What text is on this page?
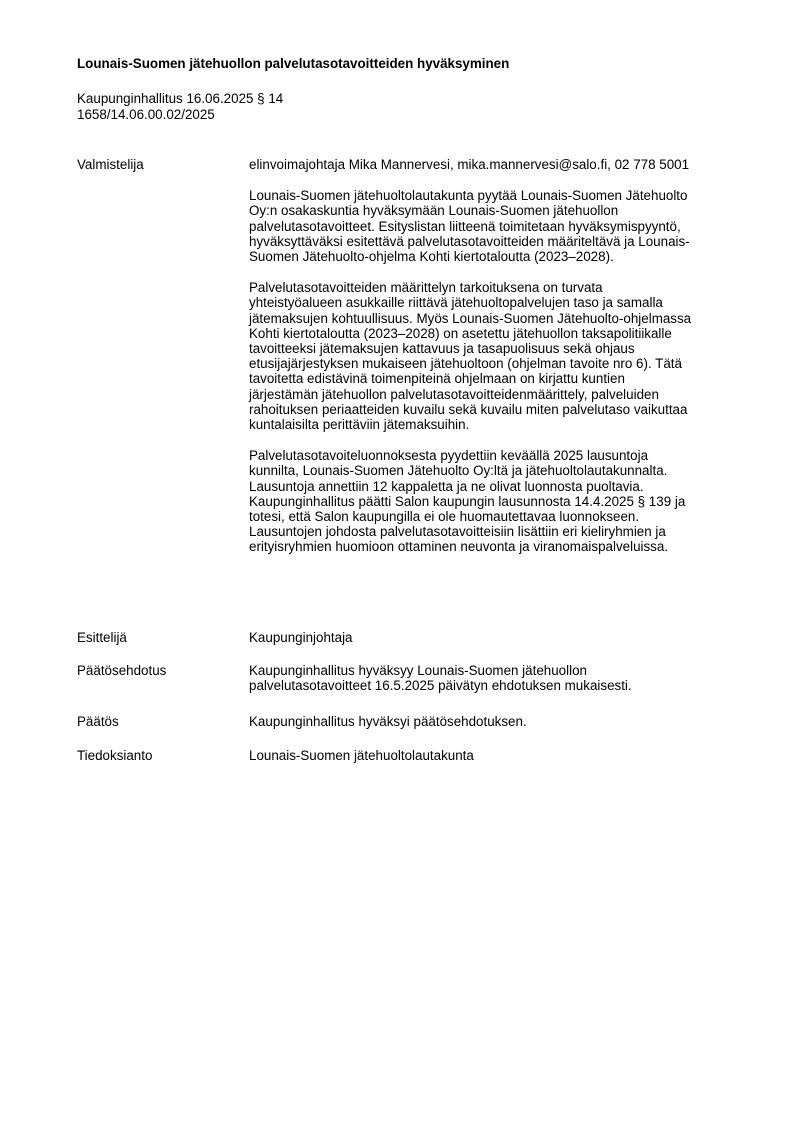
Lounais-Suomen jätehuollon palvelutasotavoitteiden hyväksyminen
Kaupunginhallitus 16.06.2025 § 14
1658/14.06.00.02/2025
Valmistelija	elinvoimajohtaja Mika Mannervesi, mika.mannervesi@salo.fi, 02 778 5001
Lounais-Suomen jätehuoltolautakunta pyytää Lounais-Suomen Jätehuolto
Oy:n osakaskuntia hyväksymään Lounais-Suomen jätehuollon
palvelutasotavoitteet. Esityslistan liitteenä toimitetaan hyväksymispyyntö,
hyväksyttäväksi esitettävä palvelutasotavoitteiden määriteltävä ja Lounais-
Suomen Jätehuolto-ohjelma Kohti kiertotaloutta (2023–2028).
Palvelutasotavoitteiden määrittelyn tarkoituksena on turvata
yhteistyöalueen asukkaille riittävä jätehuoltopalvelujen taso ja samalla
jätemaksujen kohtuullisuus. Myös Lounais-Suomen Jätehuolto-ohjelmassa
Kohti kiertotaloutta (2023–2028) on asetettu jätehuollon taksapolitiikalle
tavoitteeksi jätemaksujen kattavuus ja tasapuolisuus sekä ohjaus
etusijajärjestyksen mukaiseen jätehuoltoon (ohjelman tavoite nro 6). Tätä
tavoitetta edistävinä toimenpiteinä ohjelmaan on kirjattu kuntien
järjestämän jätehuollon palvelutasotavoitteidenmäärittely, palveluiden
rahoituksen periaatteiden kuvailu sekä kuvailu miten palvelutaso vaikuttaa
kuntalaisilta perittäviin jätemaksuihin.
Palvelutasotavoiteluonnoksesta pyydettiin keväällä 2025 lausuntoja
kunnilta, Lounais-Suomen Jätehuolto Oy:ltä ja jätehuoltolautakunnalta.
Lausuntoja annettiin 12 kappaletta ja ne olivat luonnosta puoltavia.
Kaupunginhallitus päätti Salon kaupungin lausunnosta 14.4.2025 § 139 ja
totesi, että Salon kaupungilla ei ole huomautettavaa luonnokseen.
Lausuntojen johdosta palvelutasotavoitteisiin lisättiin eri kieliryhmien ja
erityisryhmien huomioon ottaminen neuvonta ja viranomaispalveluissa.
Esittelijä	Kaupunginjohtaja
Päätösehdotus	Kaupunginhallitus hyväksyy Lounais-Suomen jätehuollon
palvelutasotavoitteet 16.5.2025 päivätyn ehdotuksen mukaisesti.
Päätös	Kaupunginhallitus hyväksyi päätösehdotuksen.
Tiedoksianto	Lounais-Suomen jätehuoltolautakunta
